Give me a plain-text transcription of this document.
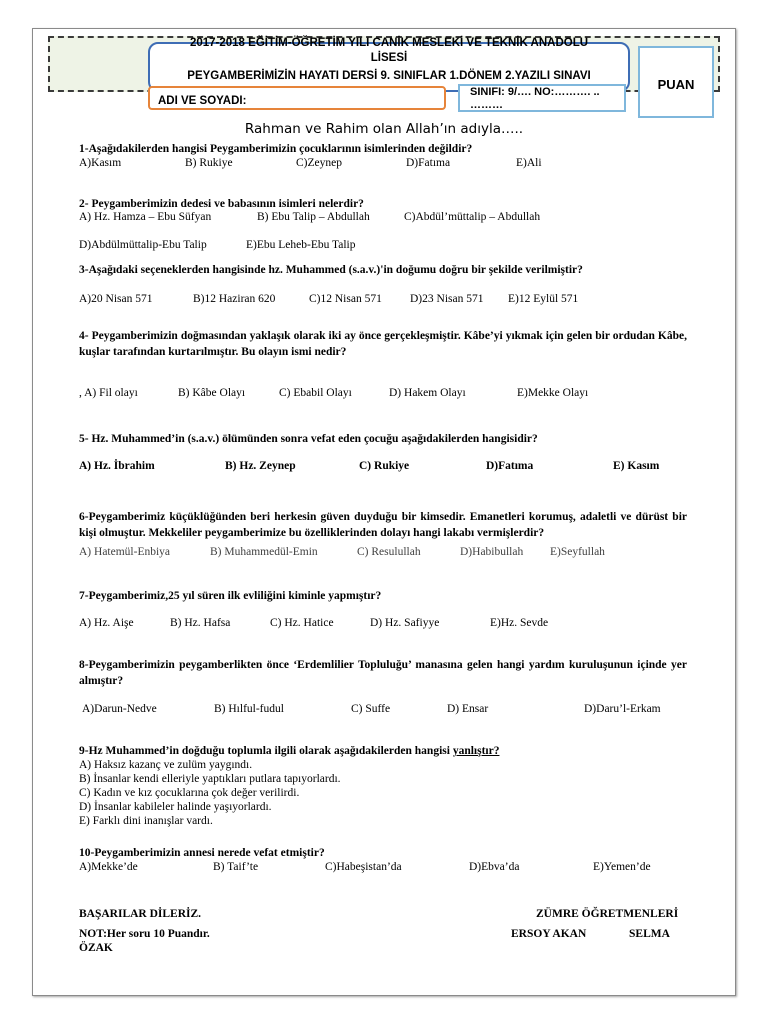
2017-2018 EĞİTİM-ÖĞRETİM YILI CANİK MESLEKİ VE TEKNİK ANADOLU
LİSESİ
PEYGAMBERİMİZİN HAYATI DERSİ 9. SINIFLAR 1.DÖNEM 2.YAZILI SINAVI
ADI VE SOYADI:
SINIFI: 9/…. NO:………. .. ………
PUAN
Rahman ve Rahim olan Allah’ın adıyla…..
1-Aşağıdakilerden hangisi Peygamberimizin çocuklarının isimlerinden değildir?
A)Kasım	B) Rukiye	C)Zeynep	D)Fatıma	E)Ali
2- Peygamberimizin dedesi ve babasının isimleri nelerdir?
A) Hz. Hamza – Ebu Süfyan	B) Ebu Talip – Abdullah	C)Abdül’müttalip – Abdullah
D)Abdülmüttalip-Ebu Talip	E)Ebu Leheb-Ebu Talip
3-Aşağıdaki seçeneklerden hangisinde hz. Muhammed (s.a.v.)'in doğumu doğru bir şekilde verilmiştir?
A)20 Nisan 571	B)12 Haziran 620	C)12 Nisan 571 D)23 Nisan 571 E)12 Eylül 571
4- Peygamberimizin doğmasından yaklaşık olarak iki ay önce gerçekleşmiştir. Kâbe’yi yıkmak için gelen bir ordudan Kâbe, kuşlar tarafından kurtarılmıştır. Bu olayın ismi nedir?
, A) Fil olayı	B) Kâbe Olayı	C) Ebabil Olayı	D) Hakem Olayı	E)Mekke Olayı
5- Hz. Muhammed’in (s.a.v.) ölümünden sonra vefat eden çocuğu aşağıdakilerden hangisidir?
A) Hz. İbrahim	B) Hz. Zeynep	C) Rukiye	D)Fatıma	E) Kasım
6-Peygamberimiz küçüklüğünden beri herkesin güven duyduğu bir kimsedir. Emanetleri korumuş, adaletli ve dürüst bir kişi olmuştur. Mekkeliler peygamberimize bu özelliklerinden dolayı hangi lakabı vermişlerdir?
A) Hatemül-Enbiya	B) Muhammedül-Emin	C) Resulullah	D)Habibullah E)Seyfullah
7-Peygamberimiz,25 yıl süren ilk evliliğini kiminle yapmıştır?
A) Hz. Aişe	B) Hz. Hafsa	C) Hz. Hatice	D) Hz. Safiyye	E)Hz. Sevde
8-Peygamberimizin peygamberlikten önce ‘Erdemlilier Topluluğu’ manasına gelen hangi yardım kuruluşunun içinde yer almıştır?
A)Darun-Nedve	B) Hılful-fudul	C) Suffe	D) Ensar	D)Daru’l-Erkam
9-Hz Muhammed’in doğduğu toplumla ilgili olarak aşağıdakilerden hangisi yanlıştır?
A) Haksız kazanç ve zulüm yaygındı.
B) İnsanlar kendi elleriyle yaptıkları putlara tapıyorlardı.
C) Kadın ve kız çocuklarına çok değer verilirdi.
D) İnsanlar kabileler halinde yaşıyorlardı.
E) Farklı dini inanışlar vardı.
10-Peygamberimizin annesi nerede vefat etmiştir?
A)Mekke’de	B) Taif’te	C)Habeşistan’da	D)Ebva’da	E)Yemen’de
BAŞARILAR DİLERİZ.	ZÜMRE ÖĞRETMENLERİ
NOT:Her soru 10 Puandır.	ERSOY AKAN	SELMA
ÖZAK
